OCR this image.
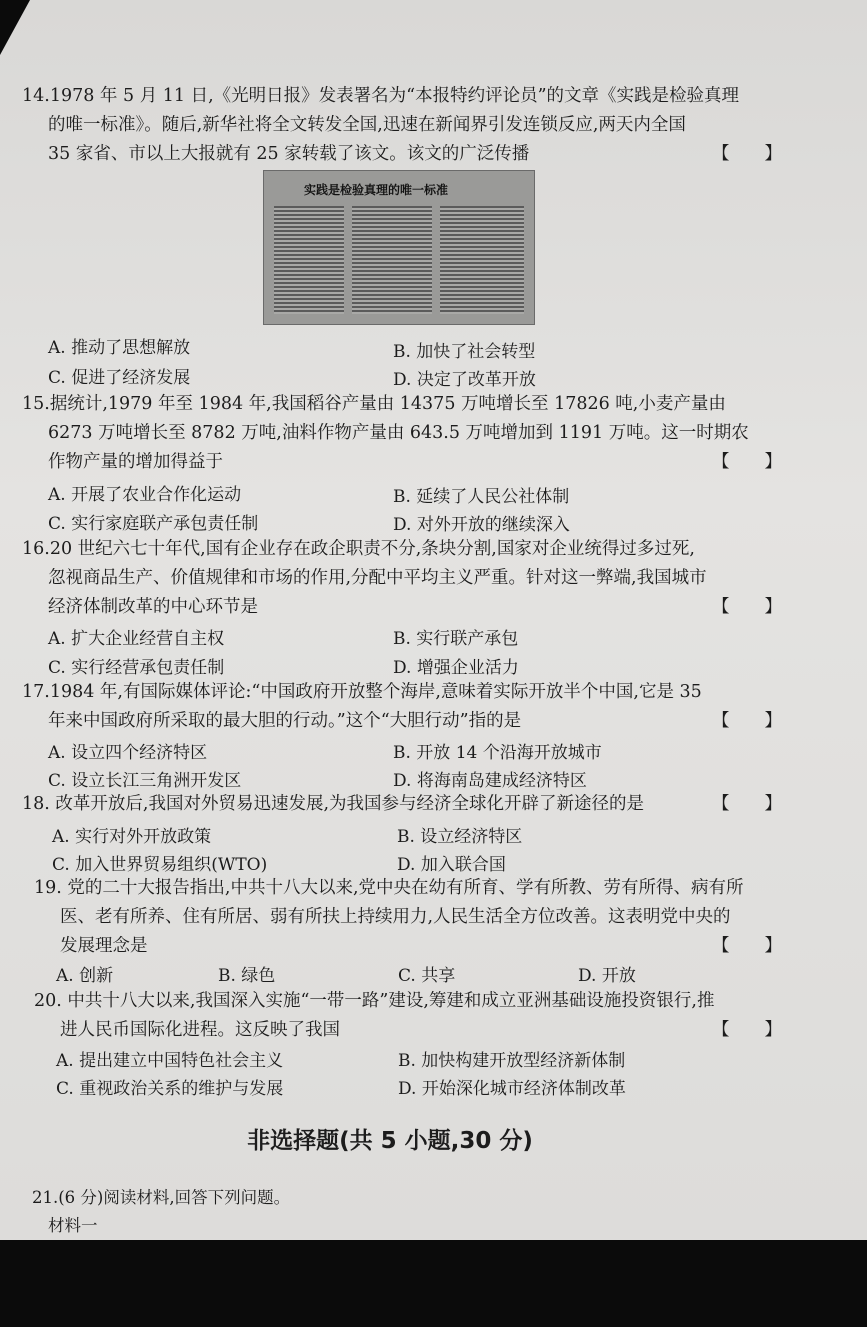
14.1978 年 5 月 11 日,《光明日报》发表署名为“本报特约评论员”的文章《实践是检验真理
的唯一标准》。随后,新华社将全文转发全国,迅速在新闻界引发连锁反应,两天内全国
35 家省、市以上大报就有 25 家转载了该文。该文的广泛传播	【　　】
实践是检验真理的唯一标准
A. 推动了思想解放	B. 加快了社会转型
C. 促进了经济发展	D. 决定了改革开放
15.据统计,1979 年至 1984 年,我国稻谷产量由 14375 万吨增长至 17826 吨,小麦产量由
6273 万吨增长至 8782 万吨,油料作物产量由 643.5 万吨增加到 1191 万吨。这一时期农
作物产量的增加得益于	【　　】
A. 开展了农业合作化运动	B. 延续了人民公社体制
C. 实行家庭联产承包责任制	D. 对外开放的继续深入
16.20 世纪六七十年代,国有企业存在政企职责不分,条块分割,国家对企业统得过多过死,
忽视商品生产、价值规律和市场的作用,分配中平均主义严重。针对这一弊端,我国城市
经济体制改革的中心环节是	【　　】
A. 扩大企业经营自主权	B. 实行联产承包
C. 实行经营承包责任制	D. 增强企业活力
17.1984 年,有国际媒体评论:“中国政府开放整个海岸,意味着实际开放半个中国,它是 35
年来中国政府所采取的最大胆的行动。”这个“大胆行动”指的是	【　　】
A. 设立四个经济特区	B. 开放 14 个沿海开放城市
C. 设立长江三角洲开发区	D. 将海南岛建成经济特区
18. 改革开放后,我国对外贸易迅速发展,为我国参与经济全球化开辟了新途径的是	【　　】
A. 实行对外开放政策	B. 设立经济特区
C. 加入世界贸易组织(WTO)	D. 加入联合国
19. 党的二十大报告指出,中共十八大以来,党中央在幼有所育、学有所教、劳有所得、病有所
医、老有所养、住有所居、弱有所扶上持续用力,人民生活全方位改善。这表明党中央的
发展理念是	【　　】
A. 创新	B. 绿色	C. 共享	D. 开放
20. 中共十八大以来,我国深入实施“一带一路”建设,筹建和成立亚洲基础设施投资银行,推
进人民币国际化进程。这反映了我国	【　　】
A. 提出建立中国特色社会主义	B. 加快构建开放型经济新体制
C. 重视政治关系的维护与发展	D. 开始深化城市经济体制改革
非选择题(共 5 小题,30 分)
21.(6 分)阅读材料,回答下列问题。
材料一
